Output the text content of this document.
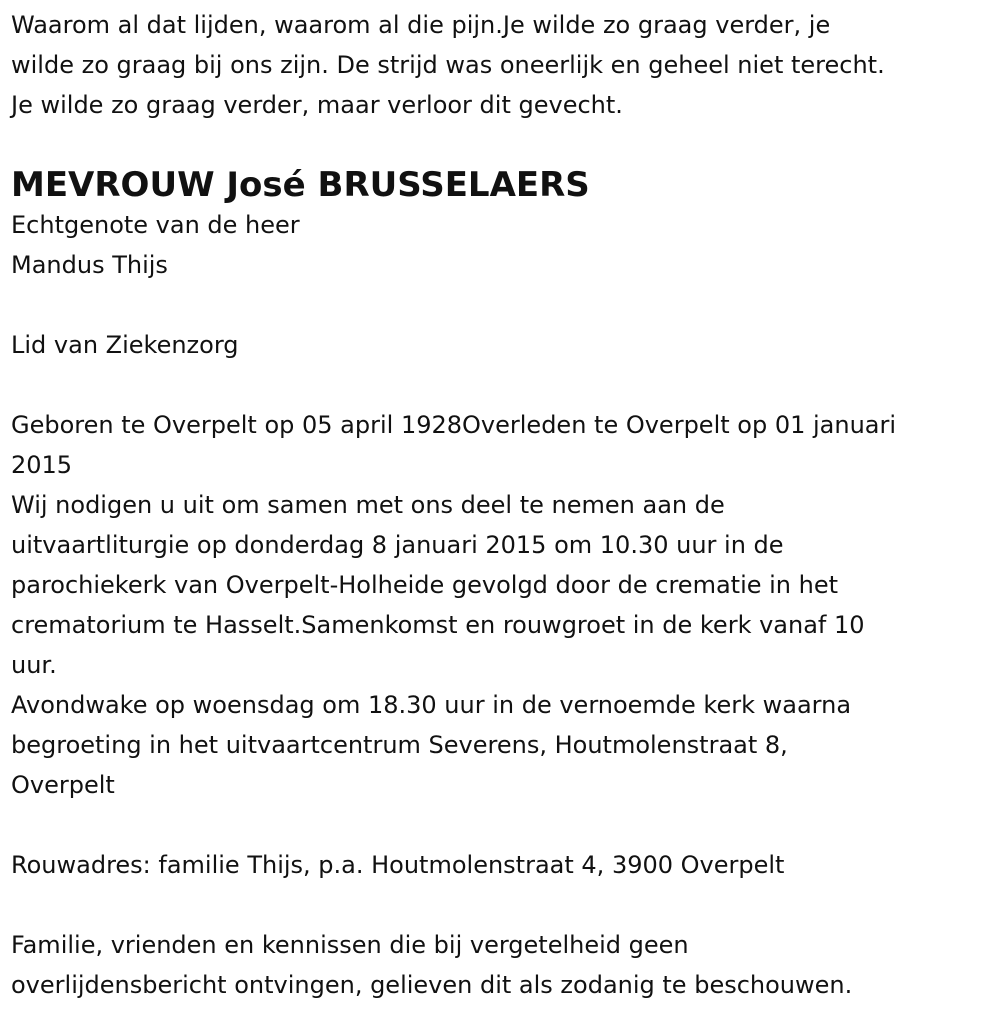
Waarom al dat lijden, waarom al die pijn.Je wilde zo graag verder, je

wilde zo graag bij ons zijn. De strijd was oneerlijk en geheel niet terecht.

Je wilde zo graag verder, maar verloor dit gevecht.

MEVROUW José BRUSSELAERS

Echtgenote van de heer

Mandus Thijs

Lid van Ziekenzorg

Geboren te Overpelt op 05 april 1928Overleden te Overpelt op 01 januari

2015

Wij nodigen u uit om samen met ons deel te nemen aan de

uitvaartliturgie op donderdag 8 januari 2015 om 10.30 uur in de

parochiekerk van Overpelt-Holheide gevolgd door de crematie in het

crematorium te Hasselt.Samenkomst en rouwgroet in de kerk vanaf 10

uur.

Avondwake op woensdag om 18.30 uur in de vernoemde kerk waarna

begroeting in het uitvaartcentrum Severens, Houtmolenstraat 8,

Overpelt

Rouwadres: familie Thijs, p.a. Houtmolenstraat 4, 3900 Overpelt

Familie, vrienden en kennissen die bij vergetelheid geen

overlijdensbericht ontvingen, gelieven dit als zodanig te beschouwen.
